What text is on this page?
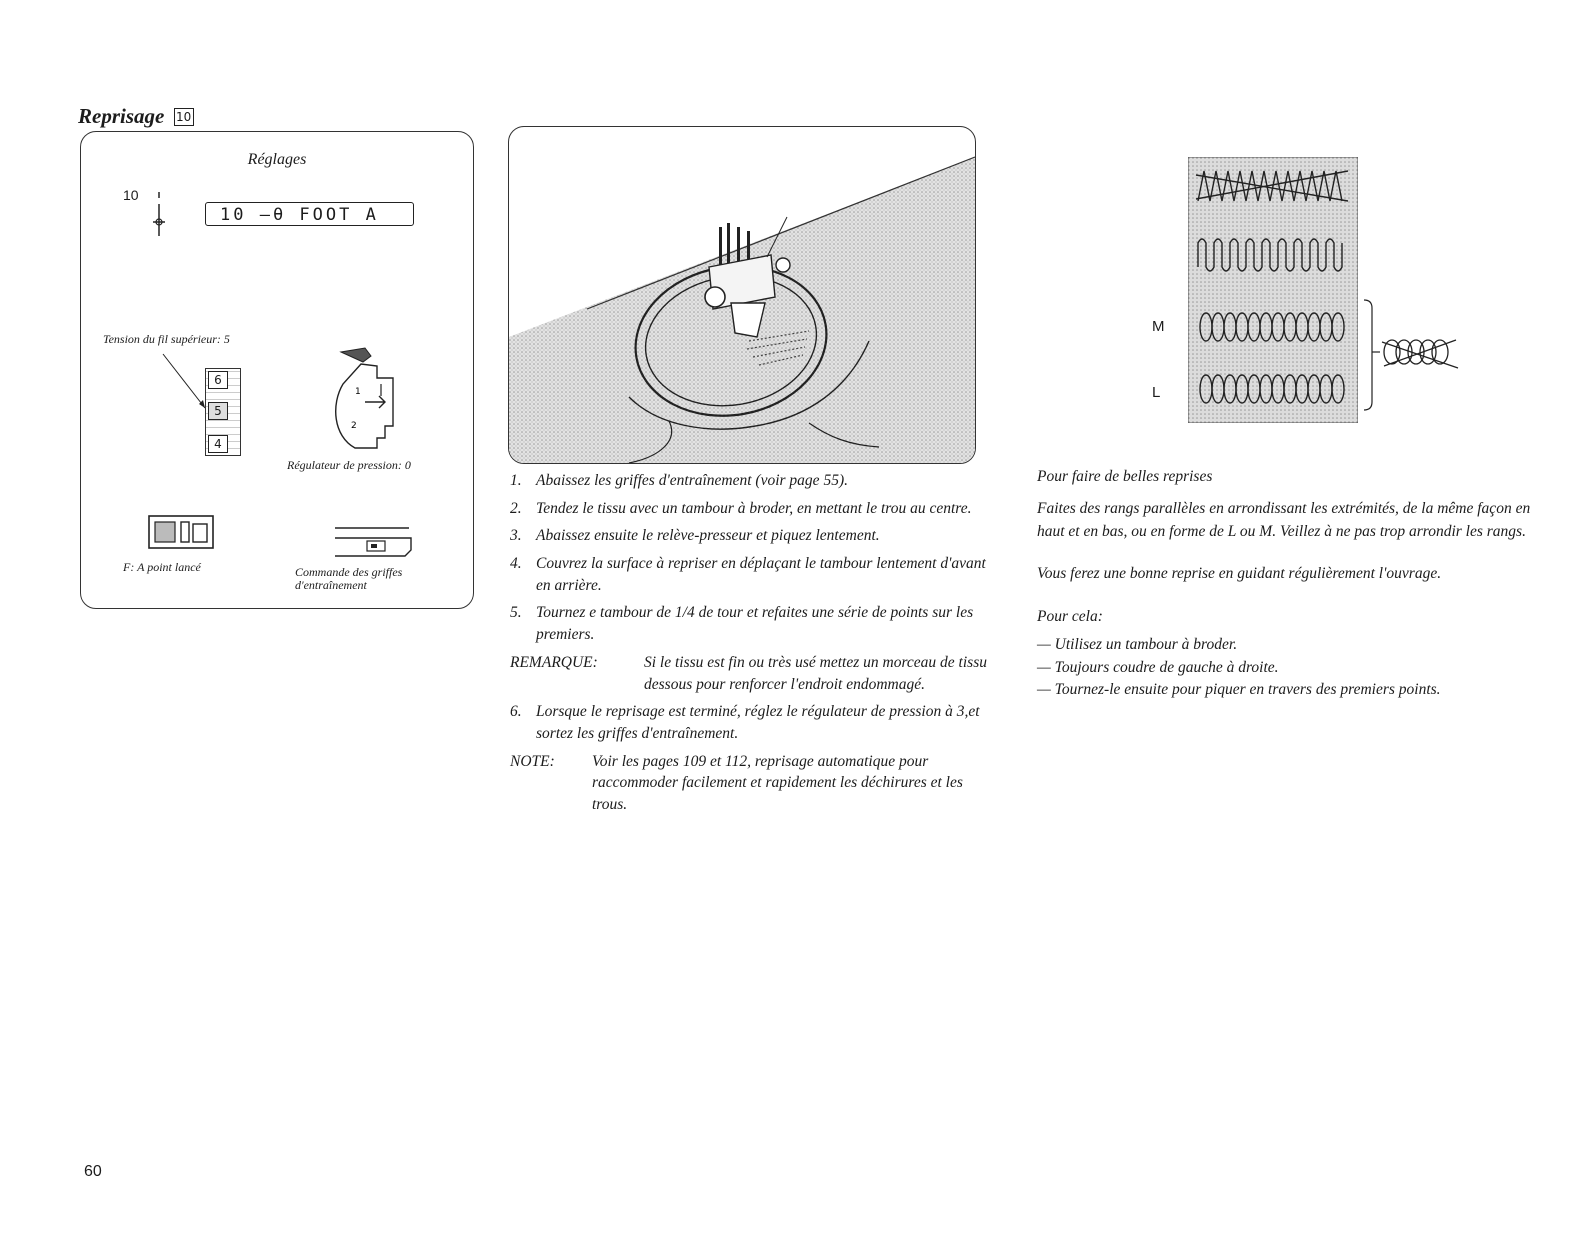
Reprisage 10
Réglages
10
10 —θ FOOT A
Tension du fil supérieur: 5
6
5
4
1
2
Régulateur de pression: 0
F: A point lancé	Commande des griffes
d'entraînement
1. Abaissez les griffes d'entraînement (voir page 55).
2. Tendez le tissu avec un tambour à broder, en mettant le trou au centre.
3. Abaissez ensuite le relève-presseur et piquez lentement.
4. Couvrez la surface à repriser en déplaçant le tambour lentement d'avant en arrière.
5. Tournez e tambour de 1/4 de tour et refaites une série de points sur les premiers.
REMARQUE:	Si le tissu est fin ou très usé mettez un morceau de tissu dessous pour renforcer l'endroit endommagé.
6. Lorsque le reprisage est terminé, réglez le régulateur de pression à 3,et sortez les griffes d'entraînement.
NOTE:	Voir les pages 109 et 112, reprisage automatique pour raccommoder facilement et rapidement les déchirures et les trous.
M
L

Pour faire de belles reprises

Faites des rangs parallèles en arrondissant les extrémités, de la même façon en haut et en bas, ou en forme de L ou M. Veillez à ne pas trop arrondir les rangs.

Vous ferez une bonne reprise en guidant régulièrement l'ouvrage.

Pour cela:

— Utilisez un tambour à broder.
— Toujours coudre de gauche à droite.
— Tournez-le ensuite pour piquer en travers des premiers points.
60
